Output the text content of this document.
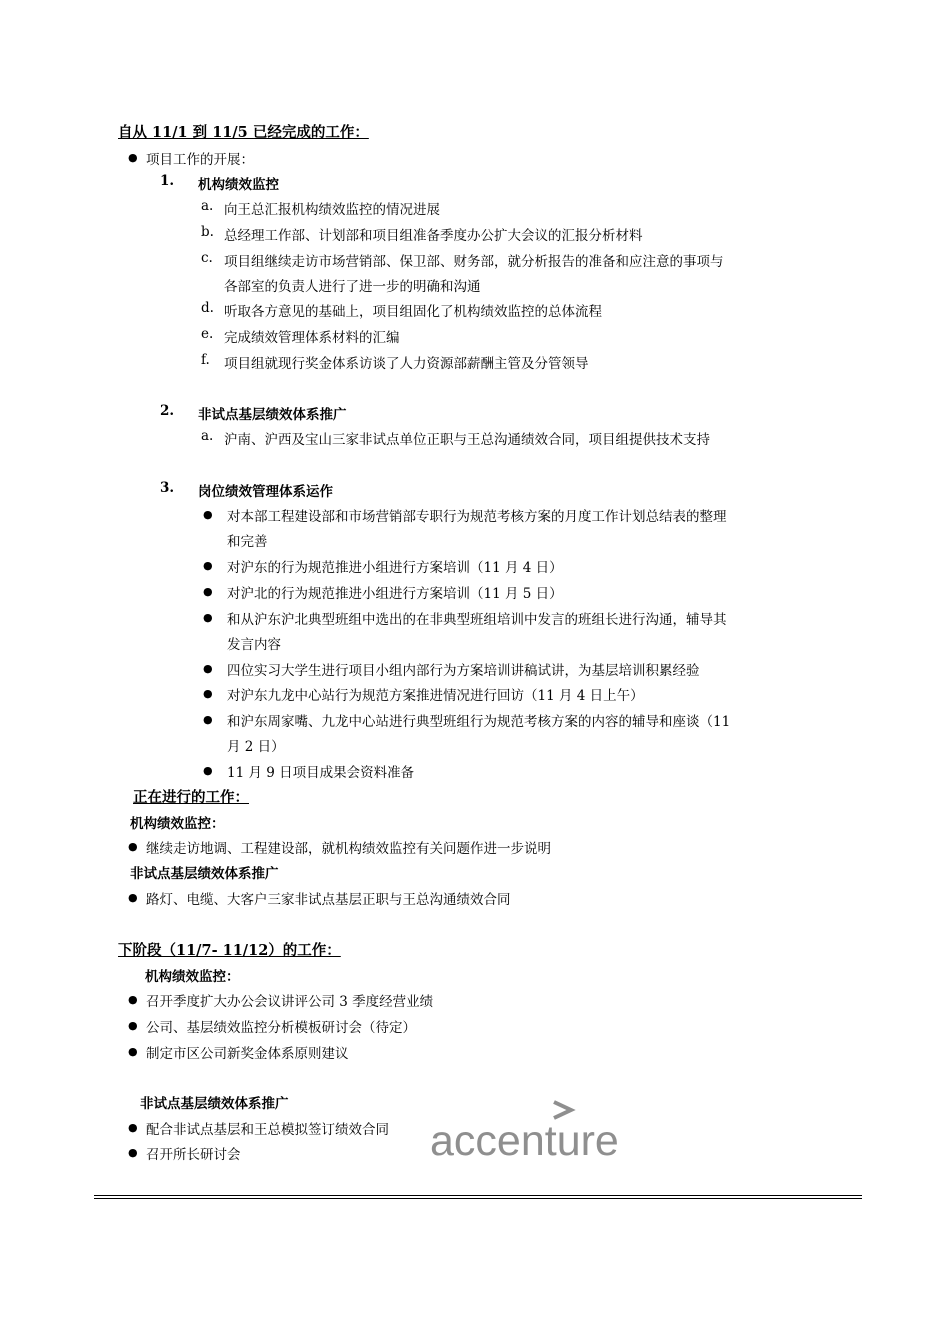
自从 11/1 到 11/5 已经完成的工作：
● 项目工作的开展：
1. 机构绩效监控
a. 向王总汇报机构绩效监控的情况进展
b. 总经理工作部、计划部和项目组准备季度办公扩大会议的汇报分析材料
c. 项目组继续走访市场营销部、保卫部、财务部，就分析报告的准备和应注意的事项与
各部室的负责人进行了进一步的明确和沟通
d. 听取各方意见的基础上，项目组固化了机构绩效监控的总体流程
e. 完成绩效管理体系材料的汇编
f. 项目组就现行奖金体系访谈了人力资源部薪酬主管及分管领导
2. 非试点基层绩效体系推广
a. 沪南、沪西及宝山三家非试点单位正职与王总沟通绩效合同，项目组提供技术支持
3. 岗位绩效管理体系运作
● 对本部工程建设部和市场营销部专职行为规范考核方案的月度工作计划总结表的整理
和完善
● 对沪东的行为规范推进小组进行方案培训（11 月 4 日）
● 对沪北的行为规范推进小组进行方案培训（11 月 5 日）
● 和从沪东沪北典型班组中选出的在非典型班组培训中发言的班组长进行沟通，辅导其
发言内容
● 四位实习大学生进行项目小组内部行为方案培训讲稿试讲，为基层培训积累经验
● 对沪东九龙中心站行为规范方案推进情况进行回访（11 月 4 日上午）
● 和沪东周家嘴、九龙中心站进行典型班组行为规范考核方案的内容的辅导和座谈（11
月 2 日）
● 11 月 9 日项目成果会资料准备
正在进行的工作：
机构绩效监控：
● 继续走访地调、工程建设部，就机构绩效监控有关问题作进一步说明
非试点基层绩效体系推广
● 路灯、电缆、大客户三家非试点基层正职与王总沟通绩效合同
下阶段（11/7- 11/12）的工作：
机构绩效监控：
● 召开季度扩大办公会议讲评公司 3 季度经营业绩
● 公司、基层绩效监控分析模板研讨会（待定）
● 制定市区公司新奖金体系原则建议
非试点基层绩效体系推广
● 配合非试点基层和王总模拟签订绩效合同
● 召开所长研讨会	accenture
